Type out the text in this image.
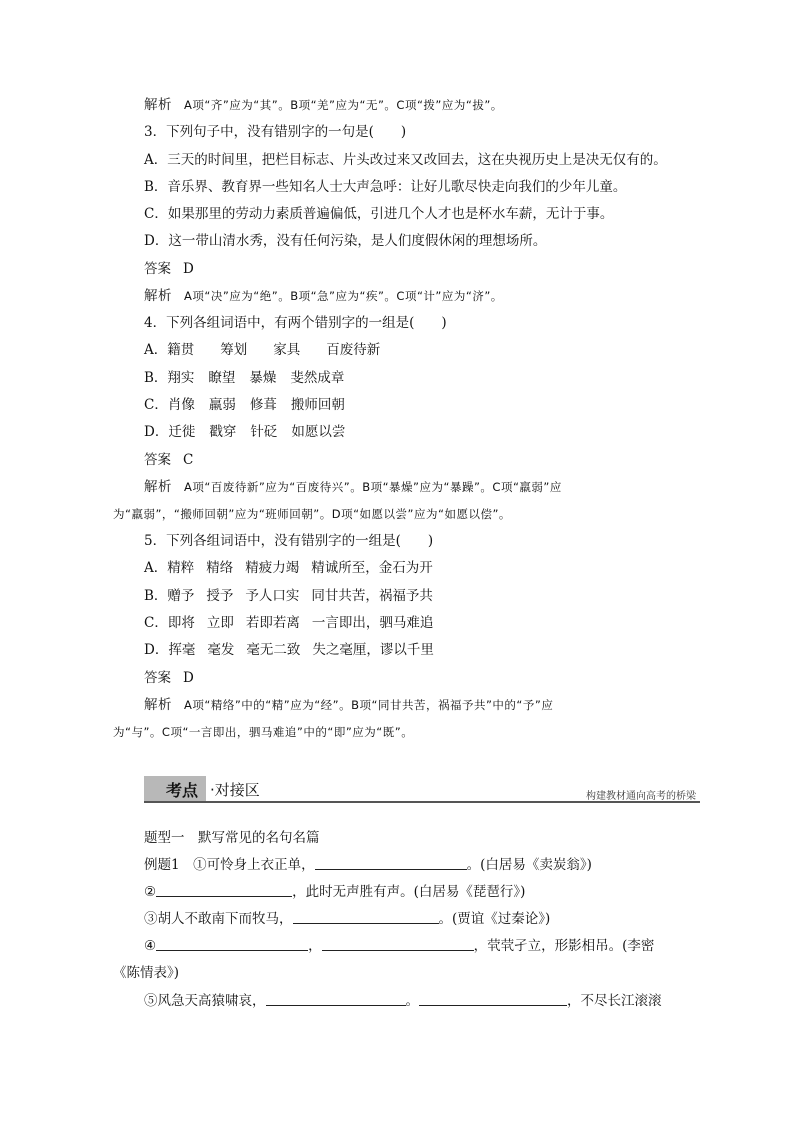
解析 A项“齐”应为“其”。B项“羌”应为“无”。C项“拨”应为“拔”。
3．下列句子中，没有错别字的一句是(　　)
A．三天的时间里，把栏目标志、片头改过来又改回去，这在央视历史上是决无仅有的。
B．音乐界、教育界一些知名人士大声急呼：让好儿歌尽快走向我们的少年儿童。
C．如果那里的劳动力素质普遍偏低，引进几个人才也是杯水车薪，无计于事。
D．这一带山清水秀，没有任何污染，是人们度假休闲的理想场所。
答案 D
解析 A项“决”应为“绝”。B项“急”应为“疾”。C项“计”应为“济”。
4．下列各组词语中，有两个错别字的一组是(　　)
A．籍贯 筹划 家具 百废待新
B．翔实 瞭望 暴燥 斐然成章
C．肖像 羸弱 修葺 搬师回朝
D．迁徙 戳穿 针砭 如愿以尝
答案 C
解析 A项“百废待新”应为“百废待兴”。B项“暴燥”应为“暴躁”。C项“羸弱”应
为“羸弱”，“搬师回朝”应为“班师回朝”。D项“如愿以尝”应为“如愿以偿”。
5．下列各组词语中，没有错别字的一组是(　　)
A．精粹 精络 精疲力竭 精诚所至，金石为开
B．赠予 授予 予人口实 同甘共苦，祸福予共
C．即将 立即 若即若离 一言即出，驷马难追
D．挥毫 毫发 毫无二致 失之毫厘，谬以千里
答案 D
解析 A项“精络”中的“精”应为“经”。B项“同甘共苦，祸福予共”中的“予”应
为“与”。C项“一言即出，驷马难追”中的“即”应为“既”。
考点 ·对接区	构建教材通向高考的桥梁
题型一　默写常见的名句名篇
例题1　①可怜身上衣正单，	。(白居易《卖炭翁》)
②	，此时无声胜有声。(白居易《琵琶行》)
③胡人不敢南下而牧马，	。(贾谊《过秦论》)
④	，	，茕茕孑立，形影相吊。(李密
《陈情表》)
⑤风急天高猿啸哀，	。	，不尽长江滚滚
